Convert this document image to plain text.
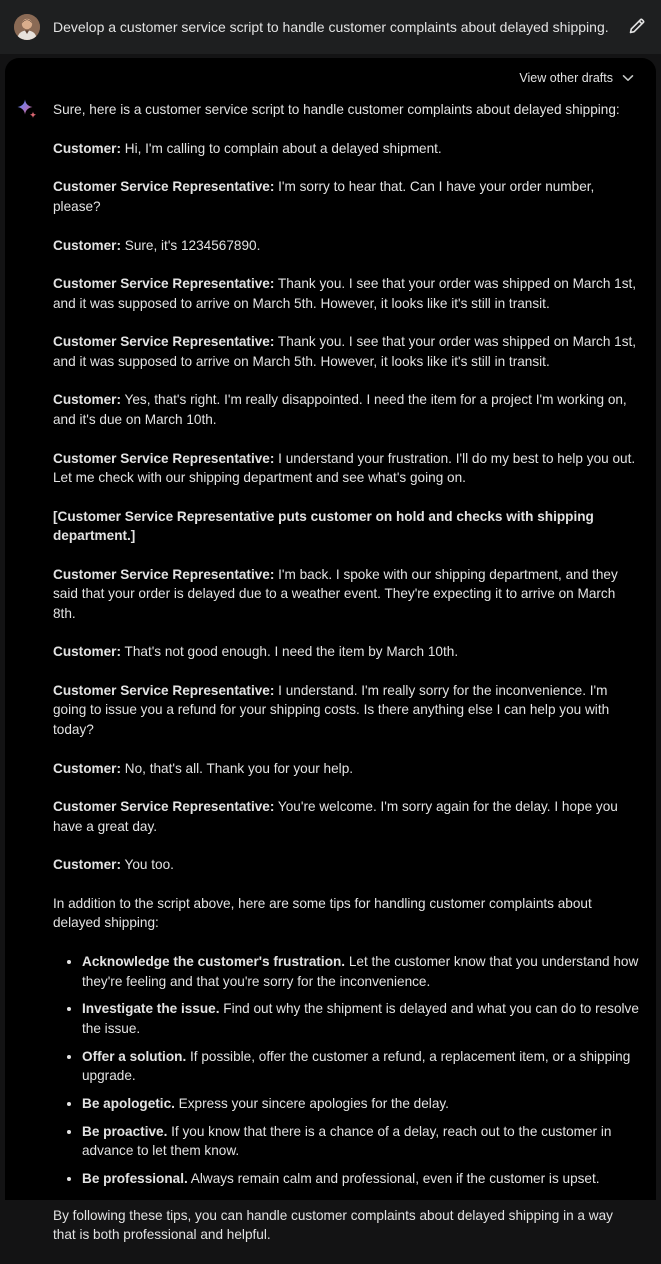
Develop a customer service script to handle customer complaints about delayed shipping.
View other drafts

Sure, here is a customer service script to handle customer complaints about delayed shipping:

Customer: Hi, I'm calling to complain about a delayed shipment.

Customer Service Representative: I'm sorry to hear that. Can I have your order number, please?

Customer: Sure, it's 1234567890.

Customer Service Representative: Thank you. I see that your order was shipped on March 1st, and it was supposed to arrive on March 5th. However, it looks like it's still in transit.

Customer Service Representative: Thank you. I see that your order was shipped on March 1st, and it was supposed to arrive on March 5th. However, it looks like it's still in transit.

Customer: Yes, that's right. I'm really disappointed. I need the item for a project I'm working on, and it's due on March 10th.

Customer Service Representative: I understand your frustration. I'll do my best to help you out. Let me check with our shipping department and see what's going on.

[Customer Service Representative puts customer on hold and checks with shipping department.]

Customer Service Representative: I'm back. I spoke with our shipping department, and they said that your order is delayed due to a weather event. They're expecting it to arrive on March 8th.

Customer: That's not good enough. I need the item by March 10th.

Customer Service Representative: I understand. I'm really sorry for the inconvenience. I'm going to issue you a refund for your shipping costs. Is there anything else I can help you with today?

Customer: No, that's all. Thank you for your help.

Customer Service Representative: You're welcome. I'm sorry again for the delay. I hope you have a great day.

Customer: You too.

In addition to the script above, here are some tips for handling customer complaints about delayed shipping:

• Acknowledge the customer's frustration. Let the customer know that you understand how they're feeling and that you're sorry for the inconvenience.
• Investigate the issue. Find out why the shipment is delayed and what you can do to resolve the issue.
• Offer a solution. If possible, offer the customer a refund, a replacement item, or a shipping upgrade.
• Be apologetic. Express your sincere apologies for the delay.
• Be proactive. If you know that there is a chance of a delay, reach out to the customer in advance to let them know.
• Be professional. Always remain calm and professional, even if the customer is upset.

By following these tips, you can handle customer complaints about delayed shipping in a way that is both professional and helpful.
